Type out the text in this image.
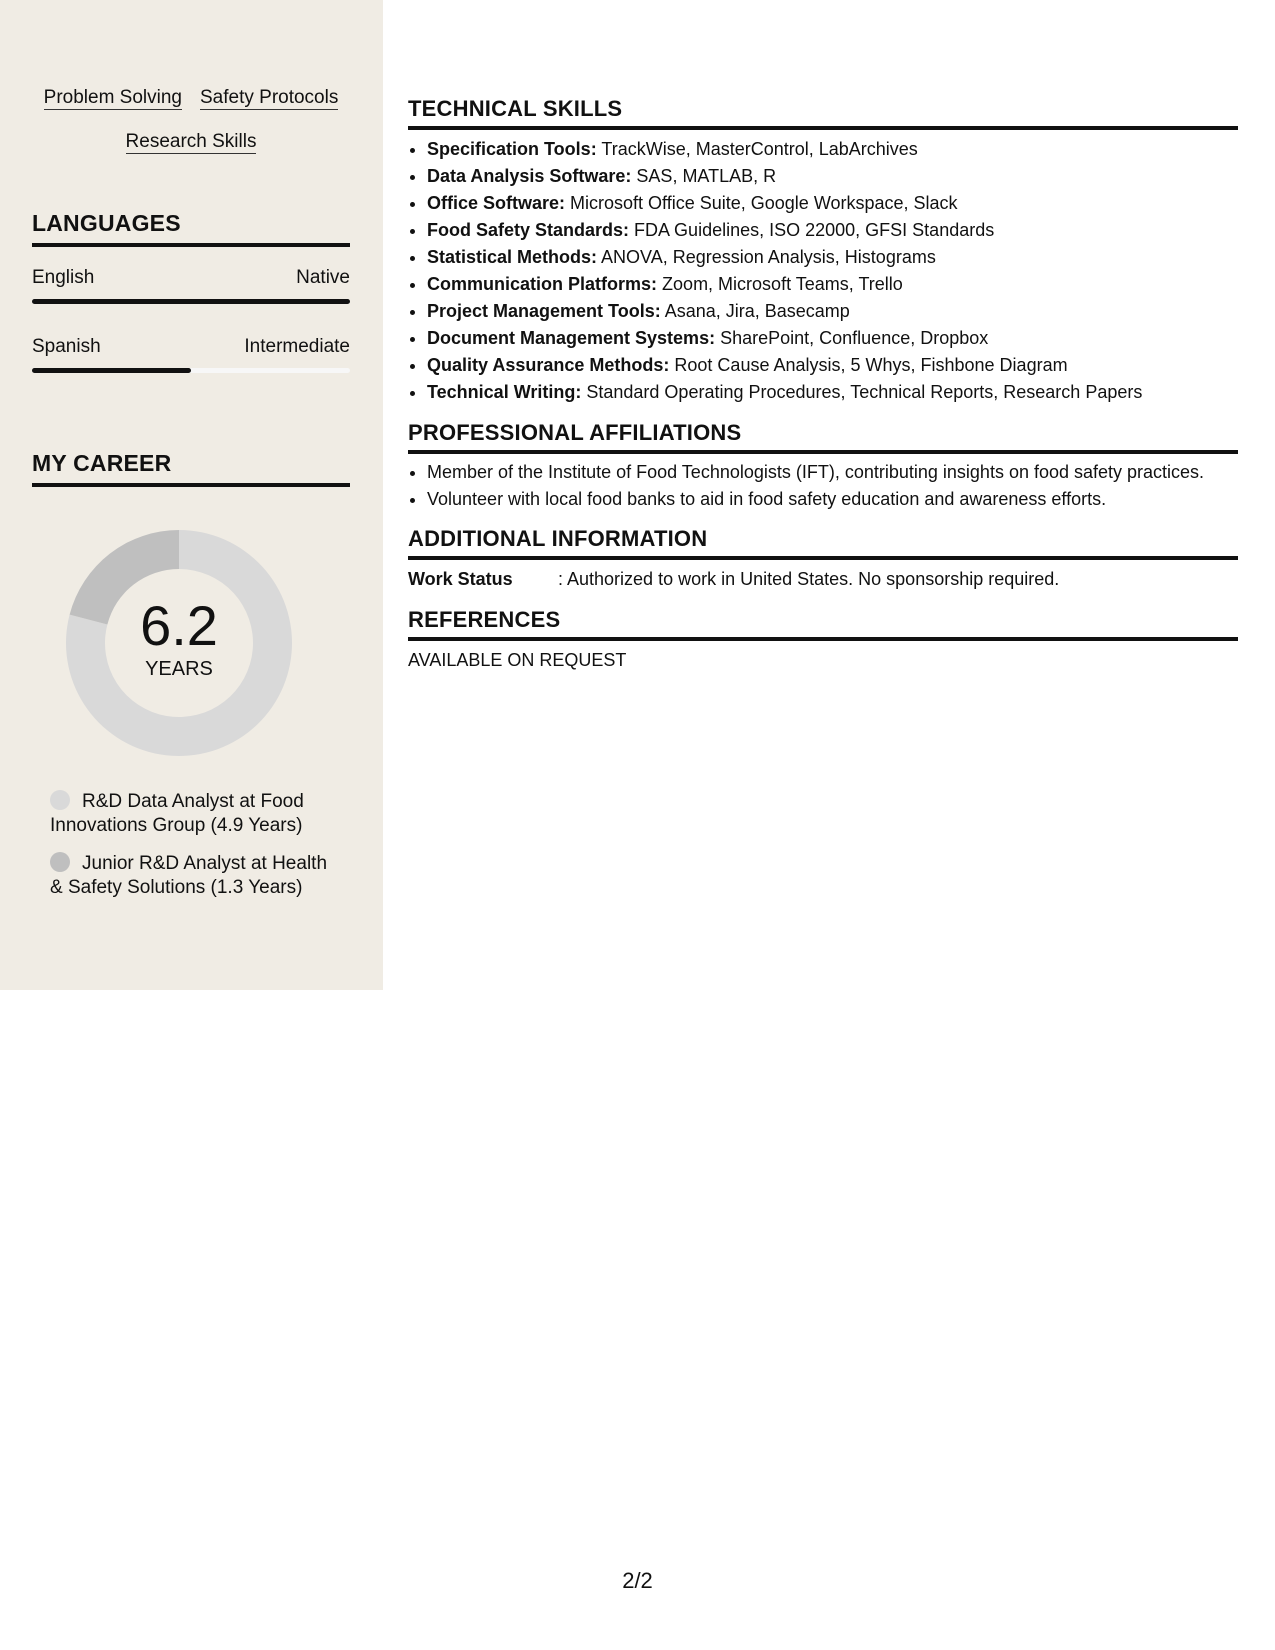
Problem Solving Safety Protocols
Research Skills
LANGUAGES
English	Native
Spanish	Intermediate
MY CAREER
6.2
YEARS
R&D Data Analyst at Food Innovations Group (4.9 Years)
Junior R&D Analyst at Health & Safety Solutions (1.3 Years)
TECHNICAL SKILLS
• Specification Tools: TrackWise, MasterControl, LabArchives
• Data Analysis Software: SAS, MATLAB, R
• Office Software: Microsoft Office Suite, Google Workspace, Slack
• Food Safety Standards: FDA Guidelines, ISO 22000, GFSI Standards
• Statistical Methods: ANOVA, Regression Analysis, Histograms
• Communication Platforms: Zoom, Microsoft Teams, Trello
• Project Management Tools: Asana, Jira, Basecamp
• Document Management Systems: SharePoint, Confluence, Dropbox
• Quality Assurance Methods: Root Cause Analysis, 5 Whys, Fishbone Diagram
• Technical Writing: Standard Operating Procedures, Technical Reports, Research Papers
PROFESSIONAL AFFILIATIONS
• Member of the Institute of Food Technologists (IFT), contributing insights on food safety practices.
• Volunteer with local food banks to aid in food safety education and awareness efforts.
ADDITIONAL INFORMATION
Work Status	: Authorized to work in United States. No sponsorship required.
REFERENCES
AVAILABLE ON REQUEST
2/2
